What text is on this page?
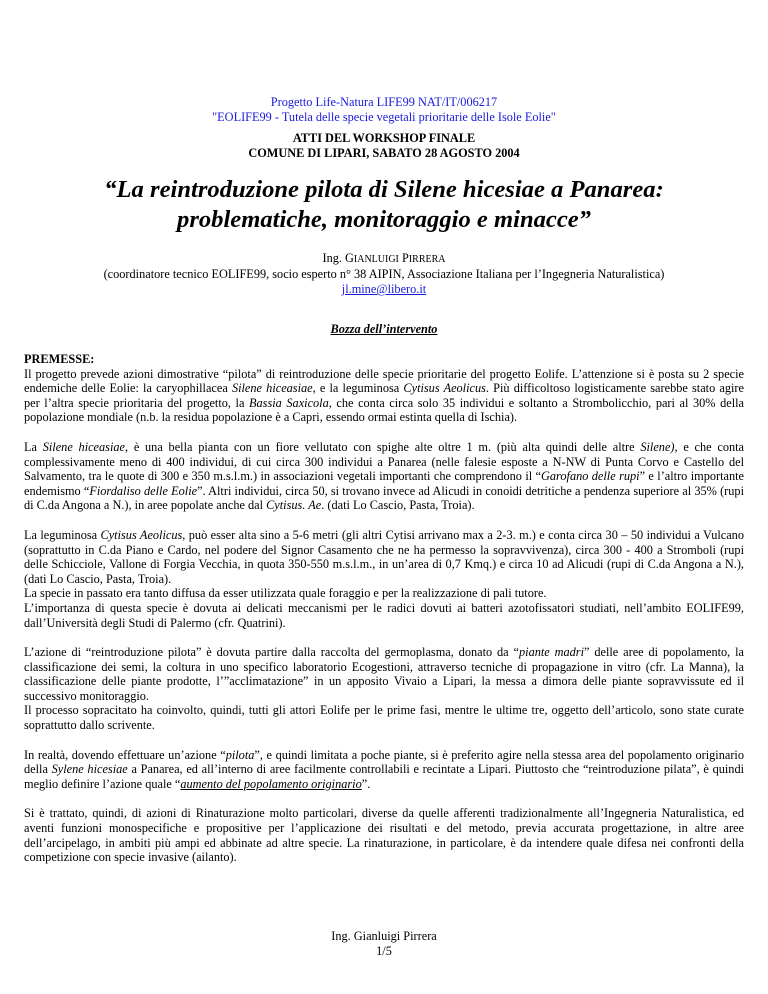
Progetto Life-Natura LIFE99 NAT/IT/006217
"EOLIFE99 - Tutela delle specie vegetali prioritarie delle Isole Eolie"
ATTI DEL WORKSHOP FINALE
COMUNE DI LIPARI, SABATO 28 AGOSTO 2004
“La reintroduzione pilota di Silene hicesiae a Panarea:
problematiche, monitoraggio e minacce”
Ing. GIANLUIGI PIRRERA
(coordinatore tecnico EOLIFE99, socio esperto n° 38 AIPIN, Associazione Italiana per l’Ingegneria Naturalistica)
jl.mine@libero.it
Bozza dell’intervento

PREMESSE:
Il progetto prevede azioni dimostrative “pilota” di reintroduzione delle specie prioritarie del progetto Eolife. L’attenzione si è posta su 2 specie endemiche delle Eolie: la caryophillacea Silene hiceasiae, e la leguminosa Cytisus Aeolicus. Più difficoltoso logisticamente sarebbe stato agire per l’altra specie prioritaria del progetto, la Bassia Saxicola, che conta circa solo 35 individui e soltanto a Strombolicchio, pari al 30% della popolazione mondiale (n.b. la residua popolazione è a Capri, essendo ormai estinta quella di Ischia).

La Silene hiceasiae, è una bella pianta con un fiore vellutato con spighe alte oltre 1 m. (più alta quindi delle altre Silene), e che conta complessivamente meno di 400 individui, di cui circa 300 individui a Panarea (nelle falesie esposte a N-NW di Punta Corvo e Castello del Salvamento, tra le quote di 300 e 350 m.s.l.m.) in associazioni vegetali importanti che comprendono il “Garofano delle rupi” e l’altro importante endemismo “Fiordaliso delle Eolie”. Altri individui, circa 50, si trovano invece ad Alicudi in conoidi detritiche a pendenza superiore al 35% (rupi di C.da Angona a N.), in aree popolate anche dal Cytisus. Ae. (dati Lo Cascio, Pasta, Troia).

La leguminosa Cytisus Aeolicus, può esser alta sino a 5-6 metri (gli altri Cytisi arrivano max a 2-3. m.) e conta circa 30 – 50 individui a Vulcano (soprattutto in C.da Piano e Cardo, nel podere del Signor Casamento che ne ha permesso la sopravvivenza), circa 300 - 400 a Stromboli (rupi delle Schicciole, Vallone di Forgia Vecchia, in quota 350-550 m.s.l.m., in un’area di 0,7 Kmq.) e circa 10 ad Alicudi (rupi di C.da Angona a N.), (dati Lo Cascio, Pasta, Troia).
La specie in passato era tanto diffusa da esser utilizzata quale foraggio e per la realizzazione di pali tutore.
L’importanza di questa specie è dovuta ai delicati meccanismi per le radici dovuti ai batteri azotofissatori studiati, nell’ambito EOLIFE99, dall’Università degli Studi di Palermo (cfr. Quatrini).

L’azione di “reintroduzione pilota” è dovuta partire dalla raccolta del germoplasma, donato da “piante madri” delle aree di popolamento, la classificazione dei semi, la coltura in uno specifico laboratorio Ecogestioni, attraverso tecniche di propagazione in vitro (cfr. La Manna), la classificazione delle piante prodotte, l’”acclimatazione” in un apposito Vivaio a Lipari, la messa a dimora delle piante sopravvissute ed il successivo monitoraggio.
Il processo sopracitato ha coinvolto, quindi, tutti gli attori Eolife per le prime fasi, mentre le ultime tre, oggetto dell’articolo, sono state curate soprattutto dallo scrivente.

In realtà, dovendo effettuare un’azione “pilota”, e quindi limitata a poche piante, si è preferito agire nella stessa area del popolamento originario della Sylene hicesiae a Panarea, ed all’interno di aree facilmente controllabili e recintate a Lipari. Piuttosto che “reintroduzione pilata”, è quindi meglio definire l’azione quale “aumento del popolamento originario”.

Si è trattato, quindi, di azioni di Rinaturazione molto particolari, diverse da quelle afferenti tradizionalmente all’Ingegneria Naturalistica, ed aventi funzioni monospecifiche e propositive per l’applicazione dei risultati e del metodo, previa accurata progettazione, in altre aree dell’arcipelago, in ambiti più ampi ed abbinate ad altre specie. La rinaturazione, in particolare, è da intendere quale difesa nei confronti della competizione con specie invasive (ailanto).

Ing. Gianluigi Pirrera
1/5
